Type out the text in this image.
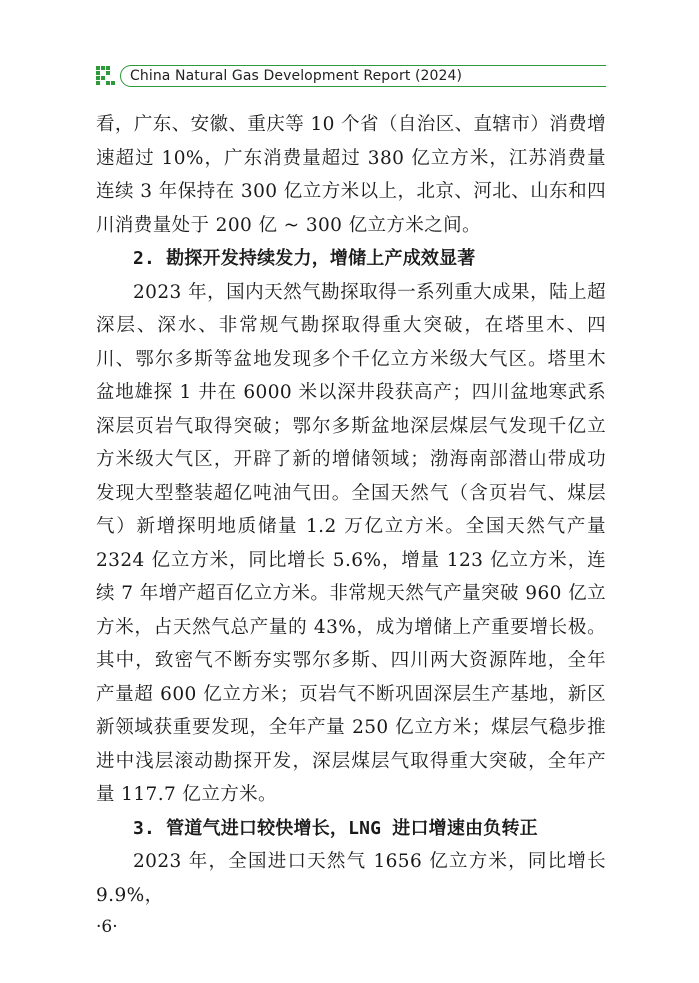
China Natural Gas Development Report (2024)

看，广东、安徽、重庆等 10 个省（自治区、直辖市）消费增速超过 10%，广东消费量超过 380 亿立方米，江苏消费量连续 3 年保持在 300 亿立方米以上，北京、河北、山东和四川消费量处于 200 亿 ~ 300 亿立方米之间。

2. 勘探开发持续发力，增储上产成效显著

2023 年，国内天然气勘探取得一系列重大成果，陆上超深层、深水、非常规气勘探取得重大突破，在塔里木、四川、鄂尔多斯等盆地发现多个千亿立方米级大气区。塔里木盆地雄探 1 井在 6000 米以深井段获高产；四川盆地寒武系深层页岩气取得突破；鄂尔多斯盆地深层煤层气发现千亿立方米级大气区，开辟了新的增储领域；渤海南部潜山带成功发现大型整装超亿吨油气田。全国天然气（含页岩气、煤层气）新增探明地质储量 1.2 万亿立方米。全国天然气产量 2324 亿立方米，同比增长 5.6%，增量 123 亿立方米，连续 7 年增产超百亿立方米。非常规天然气产量突破 960 亿立方米，占天然气总产量的 43%，成为增储上产重要增长极。其中，致密气不断夯实鄂尔多斯、四川两大资源阵地，全年产量超 600 亿立方米；页岩气不断巩固深层生产基地，新区新领域获重要发现，全年产量 250 亿立方米；煤层气稳步推进中浅层滚动勘探开发，深层煤层气取得重大突破，全年产量 117.7 亿立方米。

3. 管道气进口较快增长，LNG 进口增速由负转正

2023 年，全国进口天然气 1656 亿立方米，同比增长 9.9%，

·6·
